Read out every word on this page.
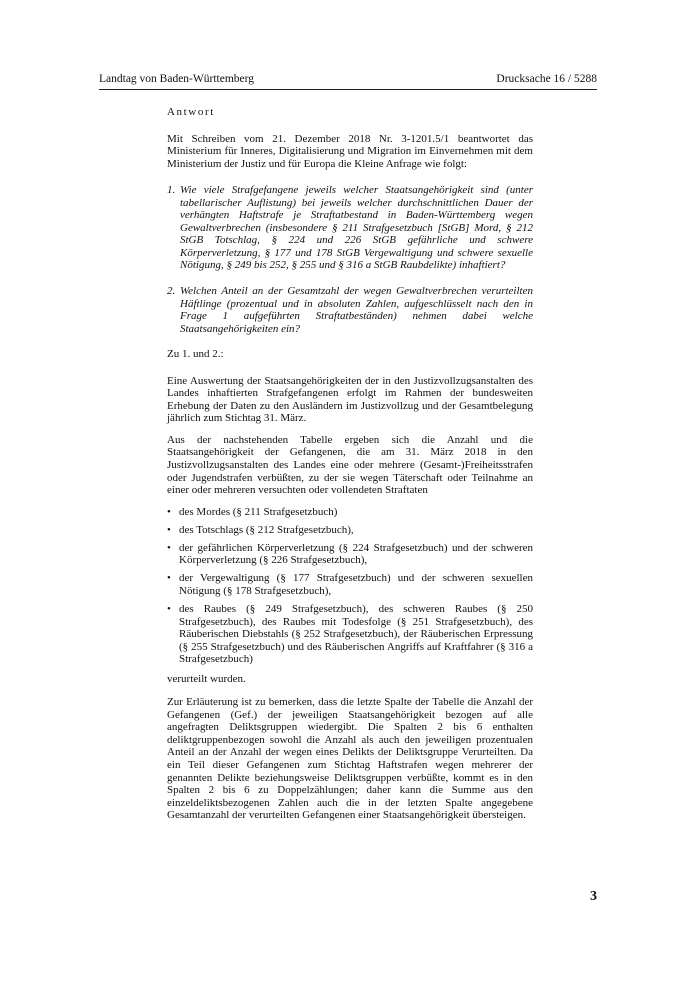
Landtag von Baden-Württemberg	Drucksache 16 / 5288

Antwort

Mit Schreiben vom 21. Dezember 2018 Nr. 3-1201.5/1 beantwortet das Ministerium für Inneres, Digitalisierung und Migration im Einvernehmen mit dem Ministerium der Justiz und für Europa die Kleine Anfrage wie folgt:

1. Wie viele Strafgefangene jeweils welcher Staatsangehörigkeit sind (unter tabellarischer Auflistung) bei jeweils welcher durchschnittlichen Dauer der verhängten Haftstrafe je Straftatbestand in Baden-Württemberg wegen Gewaltverbrechen (insbesondere § 211 Strafgesetzbuch [StGB] Mord, § 212 StGB Totschlag, § 224 und 226 StGB gefährliche und schwere Körperverletzung, § 177 und 178 StGB Vergewaltigung und schwere sexuelle Nötigung, § 249 bis 252, § 255 und § 316 a StGB Raubdelikte) inhaftiert?
2. Welchen Anteil an der Gesamtzahl der wegen Gewaltverbrechen verurteilten Häftlinge (prozentual und in absoluten Zahlen, aufgeschlüsselt nach den in Frage 1 aufgeführten Straftatbeständen) nehmen dabei welche Staatsangehörigkeiten ein?

Zu 1. und 2.:

Eine Auswertung der Staatsangehörigkeiten der in den Justizvollzugsanstalten des Landes inhaftierten Strafgefangenen erfolgt im Rahmen der bundesweiten Erhebung der Daten zu den Ausländern im Justizvollzug und der Gesamtbelegung jährlich zum Stichtag 31. März.

Aus der nachstehenden Tabelle ergeben sich die Anzahl und die Staatsangehörigkeit der Gefangenen, die am 31. März 2018 in den Justizvollzugsanstalten des Landes eine oder mehrere (Gesamt-)Freiheitsstrafen oder Jugendstrafen verbüßten, zu der sie wegen Täterschaft oder Teilnahme an einer oder mehreren versuchten oder vollendeten Straftaten

• des Mordes (§ 211 Strafgesetzbuch)
• des Totschlags (§ 212 Strafgesetzbuch),
• der gefährlichen Körperverletzung (§ 224 Strafgesetzbuch) und der schweren Körperverletzung (§ 226 Strafgesetzbuch),
• der Vergewaltigung (§ 177 Strafgesetzbuch) und der schweren sexuellen Nötigung (§ 178 Strafgesetzbuch),
• des Raubes (§ 249 Strafgesetzbuch), des schweren Raubes (§ 250 Strafgesetzbuch), des Raubes mit Todesfolge (§ 251 Strafgesetzbuch), des Räuberischen Diebstahls (§ 252 Strafgesetzbuch), der Räuberischen Erpressung (§ 255 Strafgesetzbuch) und des Räuberischen Angriffs auf Kraftfahrer (§ 316 a Strafgesetzbuch)

verurteilt wurden.

Zur Erläuterung ist zu bemerken, dass die letzte Spalte der Tabelle die Anzahl der Gefangenen (Gef.) der jeweiligen Staatsangehörigkeit bezogen auf alle angefragten Deliktsgruppen wiedergibt. Die Spalten 2 bis 6 enthalten deliktgruppenbezogen sowohl die Anzahl als auch den jeweiligen prozentualen Anteil an der Anzahl der wegen eines Delikts der Deliktsgruppe Verurteilten. Da ein Teil dieser Gefangenen zum Stichtag Haftstrafen wegen mehrerer der genannten Delikte beziehungsweise Deliktsgruppen verbüßte, kommt es in den Spalten 2 bis 6 zu Doppelzählungen; daher kann die Summe aus den einzeldeliktsbezogenen Zahlen auch die in der letzten Spalte angegebene Gesamtanzahl der verurteilten Gefangenen einer Staatsangehörigkeit übersteigen.

3
